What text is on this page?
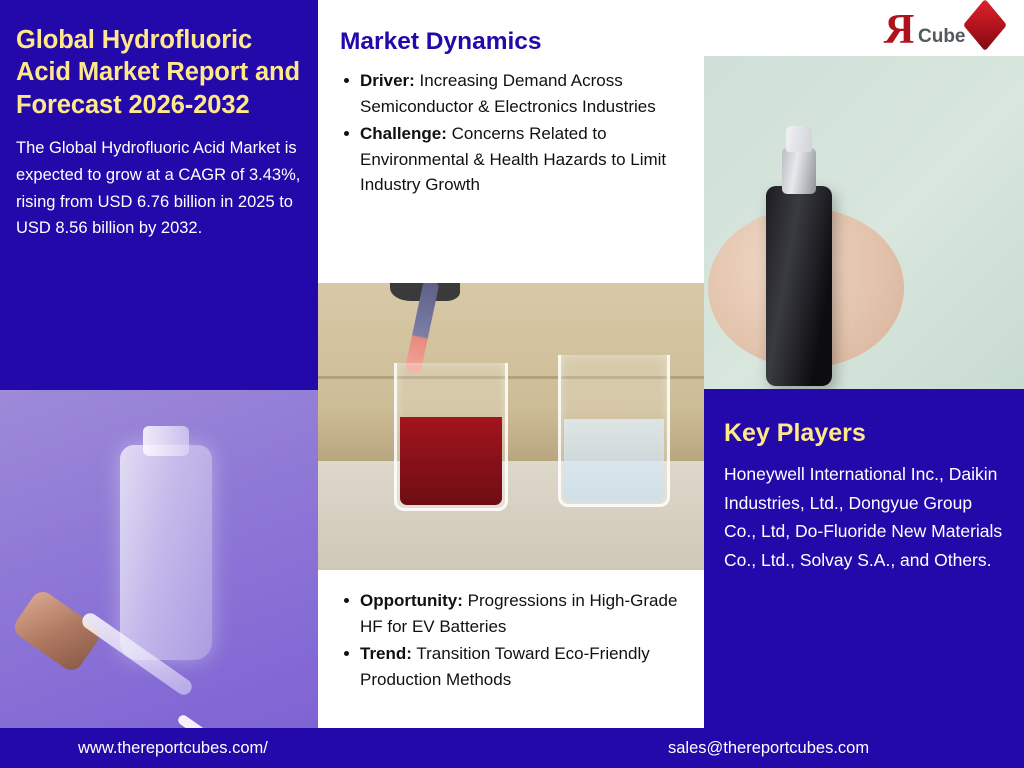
Global Hydrofluoric Acid Market Report and Forecast 2026-2032
The Global Hydrofluoric Acid Market is expected to grow at a CAGR of 3.43%, rising from USD 6.76 billion in 2025 to USD 8.56 billion by 2032.
Market Dynamics
Driver: Increasing Demand Across Semiconductor & Electronics Industries
Challenge: Concerns Related to Environmental & Health Hazards to Limit Industry Growth
Opportunity: Progressions in High-Grade HF for EV Batteries
Trend: Transition Toward Eco-Friendly Production Methods
Key Players
Honeywell International Inc., Daikin Industries, Ltd., Dongyue Group Co., Ltd, Do-Fluoride New Materials Co., Ltd., Solvay S.A., and Others.
R Cube
www.thereportcubes.com/	sales@thereportcubes.com
